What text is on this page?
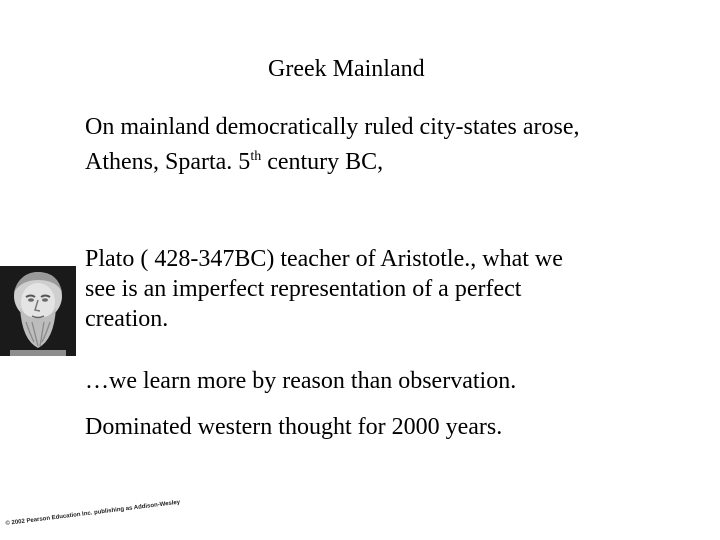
Greek Mainland
On mainland democratically ruled city-states arose,
Athens, Sparta. 5th century BC,
Plato ( 428-347BC) teacher of Aristotle., what we
see is an imperfect representation of a perfect
creation.
…we learn more by reason than observation.
Dominated western thought for 2000 years.
© 2002 Pearson Education Inc. publishing as Addison-Wesley
